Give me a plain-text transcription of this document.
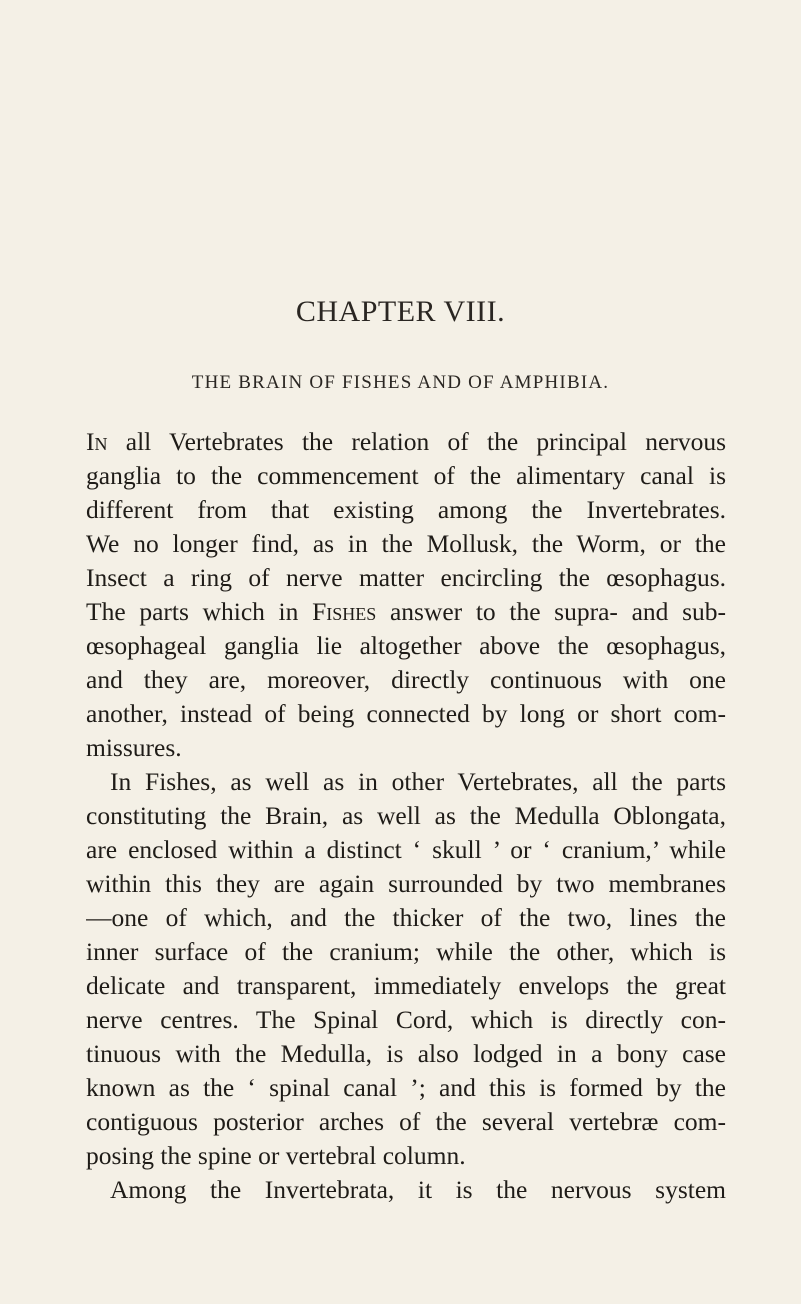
CHAPTER VIII.
THE BRAIN OF FISHES AND OF AMPHIBIA.
In all Vertebrates the relation of the principal nervous
ganglia to the commencement of the alimentary canal is
different from that existing among the Invertebrates.
We no longer find, as in the Mollusk, the Worm, or the
Insect a ring of nerve matter encircling the œsophagus.
The parts which in Fishes answer to the supra- and sub-
œsophageal ganglia lie altogether above the œsophagus,
and they are, moreover, directly continuous with one
another, instead of being connected by long or short com-
missures.
In Fishes, as well as in other Vertebrates, all the parts
constituting the Brain, as well as the Medulla Oblongata,
are enclosed within a distinct ‘ skull ’ or ‘ cranium,’ while
within this they are again surrounded by two membranes
—one of which, and the thicker of the two, lines the
inner surface of the cranium; while the other, which is
delicate and transparent, immediately envelops the great
nerve centres. The Spinal Cord, which is directly con-
tinuous with the Medulla, is also lodged in a bony case
known as the ‘ spinal canal ’; and this is formed by the
contiguous posterior arches of the several vertebræ com-
posing the spine or vertebral column.
Among the Invertebrata, it is the nervous system
